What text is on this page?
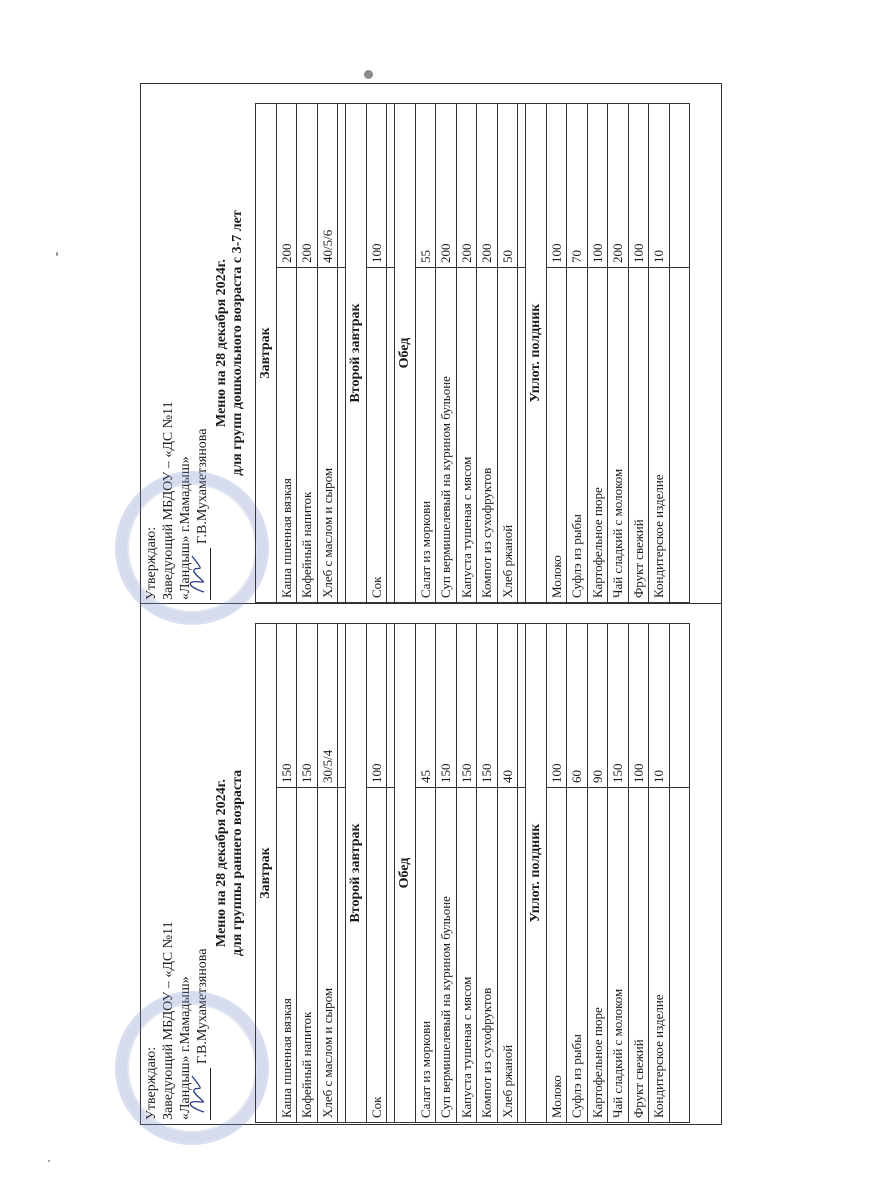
Утверждаю: Заведующий МБДОУ – «ДС №11 «Ландыш» г.Мамадыш» Г.В.Мухаметзянова
Меню на 28 декабря 2024г. для группы раннего возраста Завтрак
Каша пшенная вязкая
150
Кофейный напиток
150
Хлеб с маслом и сыром
30/5/4
Второй завтрак
Сок
100
Обед
Салат из моркови
45
Суп вермишелевый на курином бульоне
150
Капуста тушеная с мясом
150
Компот из сухофруктов
150
Хлеб ржаной
40
Уплот. полдник
Молоко
100
Суфлэ из рыбы
60
Картофельное пюре
90
Чай сладкий с молоком
150
Фрукт свежий
100
Кондитерское изделие
10
Утверждаю: Заведующий МБДОУ – «ДС №11 «Ландыш» г.Мамадыш» Г.В.Мухаметзянова
Меню на 28 декабря 2024г. для групп дошкольного возраста с 3-7 лет Завтрак
Каша пшенная вязкая
200
Кофейный напиток
200
Хлеб с маслом и сыром
40/5/6
Второй завтрак
Сок
100
Обед
Салат из моркови
55
Суп вермишелевый на курином бульоне
200
Капуста тушеная с мясом
200
Компот из сухофруктов
200
Хлеб ржаной
50
Уплот. полдник
Молоко
100
Суфлэ из рыбы
70
Картофельное пюре
100
Чай сладкий с молоком
200
Фрукт свежий
100
Кондитерское изделие
10
